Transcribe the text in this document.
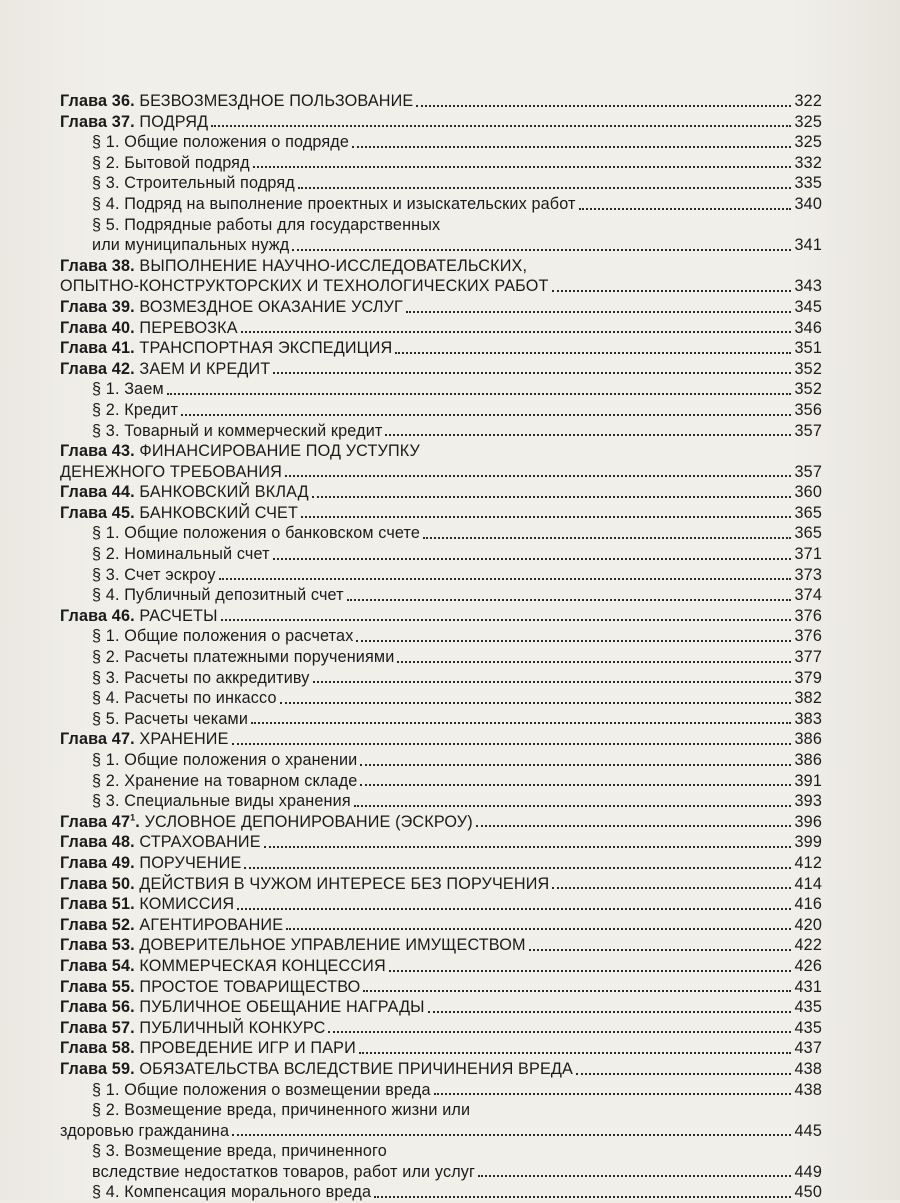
Глава 36. БЕЗВОЗМЕЗДНОЕ ПОЛЬЗОВАНИЕ	322
Глава 37. ПОДРЯД	325
§ 1. Общие положения о подряде	325
§ 2. Бытовой подряд	332
§ 3. Строительный подряд	335
§ 4. Подряд на выполнение проектных и изыскательских работ	340
§ 5. Подрядные работы для государственных
или муниципальных нужд	341
Глава 38. ВЫПОЛНЕНИЕ НАУЧНО-ИССЛЕДОВАТЕЛЬСКИХ,
ОПЫТНО-КОНСТРУКТОРСКИХ И ТЕХНОЛОГИЧЕСКИХ РАБОТ	343
Глава 39. ВОЗМЕЗДНОЕ ОКАЗАНИЕ УСЛУГ	345
Глава 40. ПЕРЕВОЗКА	346
Глава 41. ТРАНСПОРТНАЯ ЭКСПЕДИЦИЯ	351
Глава 42. ЗАЕМ И КРЕДИТ	352
§ 1. Заем	352
§ 2. Кредит	356
§ 3. Товарный и коммерческий кредит	357
Глава 43. ФИНАНСИРОВАНИЕ ПОД УСТУПКУ
ДЕНЕЖНОГО ТРЕБОВАНИЯ	357
Глава 44. БАНКОВСКИЙ ВКЛАД	360
Глава 45. БАНКОВСКИЙ СЧЕТ	365
§ 1. Общие положения о банковском счете	365
§ 2. Номинальный счет	371
§ 3. Счет эскроу	373
§ 4. Публичный депозитный счет	374
Глава 46. РАСЧЕТЫ	376
§ 1. Общие положения о расчетах	376
§ 2. Расчеты платежными поручениями	377
§ 3. Расчеты по аккредитиву	379
§ 4. Расчеты по инкассо	382
§ 5. Расчеты чеками	383
Глава 47. ХРАНЕНИЕ	386
§ 1. Общие положения о хранении	386
§ 2. Хранение на товарном складе	391
§ 3. Специальные виды хранения	393
Глава $47^1$. УСЛОВНОЕ ДЕПОНИРОВАНИЕ (ЭСКРОУ)	396
Глава 48. СТРАХОВАНИЕ	399
Глава 49. ПОРУЧЕНИЕ	412
Глава 50. ДЕЙСТВИЯ В ЧУЖОМ ИНТЕРЕСЕ БЕЗ ПОРУЧЕНИЯ	414
Глава 51. КОМИССИЯ	416
Глава 52. АГЕНТИРОВАНИЕ	420
Глава 53. ДОВЕРИТЕЛЬНОЕ УПРАВЛЕНИЕ ИМУЩЕСТВОМ	422
Глава 54. КОММЕРЧЕСКАЯ КОНЦЕССИЯ	426
Глава 55. ПРОСТОЕ ТОВАРИЩЕСТВО	431
Глава 56. ПУБЛИЧНОЕ ОБЕЩАНИЕ НАГРАДЫ	435
Глава 57. ПУБЛИЧНЫЙ КОНКУРС	435
Глава 58. ПРОВЕДЕНИЕ ИГР И ПАРИ	437
Глава 59. ОБЯЗАТЕЛЬСТВА ВСЛЕДСТВИЕ ПРИЧИНЕНИЯ ВРЕДА	438
§ 1. Общие положения о возмещении вреда	438
§ 2. Возмещение вреда, причиненного жизни или
здоровью гражданина	445
§ 3. Возмещение вреда, причиненного
вследствие недостатков товаров, работ или услуг	449
§ 4. Компенсация морального вреда	450
